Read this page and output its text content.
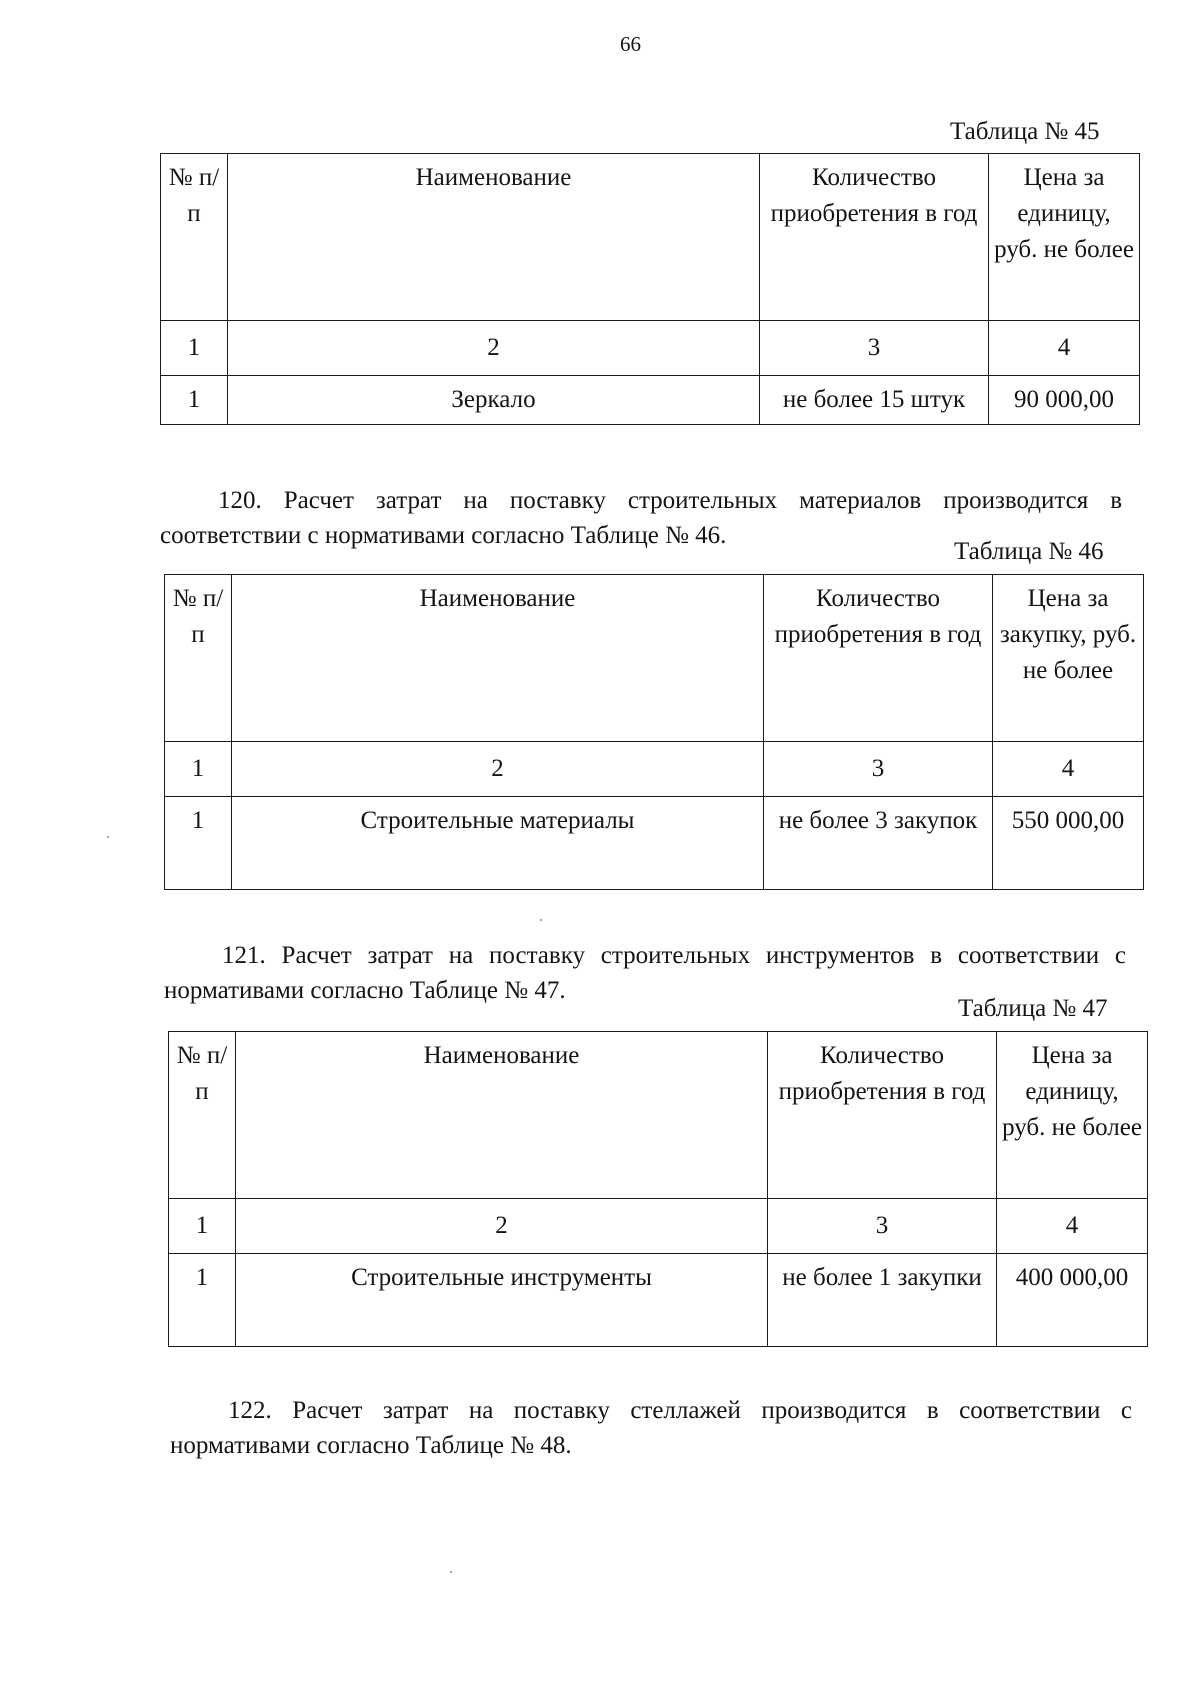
66
Таблица № 45
№ п/п	Наименование	Количество приобретения в год	Цена за единицу, руб. не более
1	2	3	4
1	Зеркало	не более 15 штук	90 000,00
120. Расчет затрат на поставку строительных материалов производится в соответствии с нормативами согласно Таблице № 46.
Таблица № 46
№ п/п	Наименование	Количество приобретения в год	Цена за закупку, руб. не более
1	2	3	4
1	Строительные материалы	не более 3 закупок	550 000,00
121. Расчет затрат на поставку строительных инструментов в соответствии с нормативами согласно Таблице № 47.
Таблица № 47
№ п/п	Наименование	Количество приобретения в год	Цена за единицу, руб. не более
1	2	3	4
1	Строительные инструменты	не более 1 закупки	400 000,00
122. Расчет затрат на поставку стеллажей производится в соответствии с нормативами согласно Таблице № 48.
